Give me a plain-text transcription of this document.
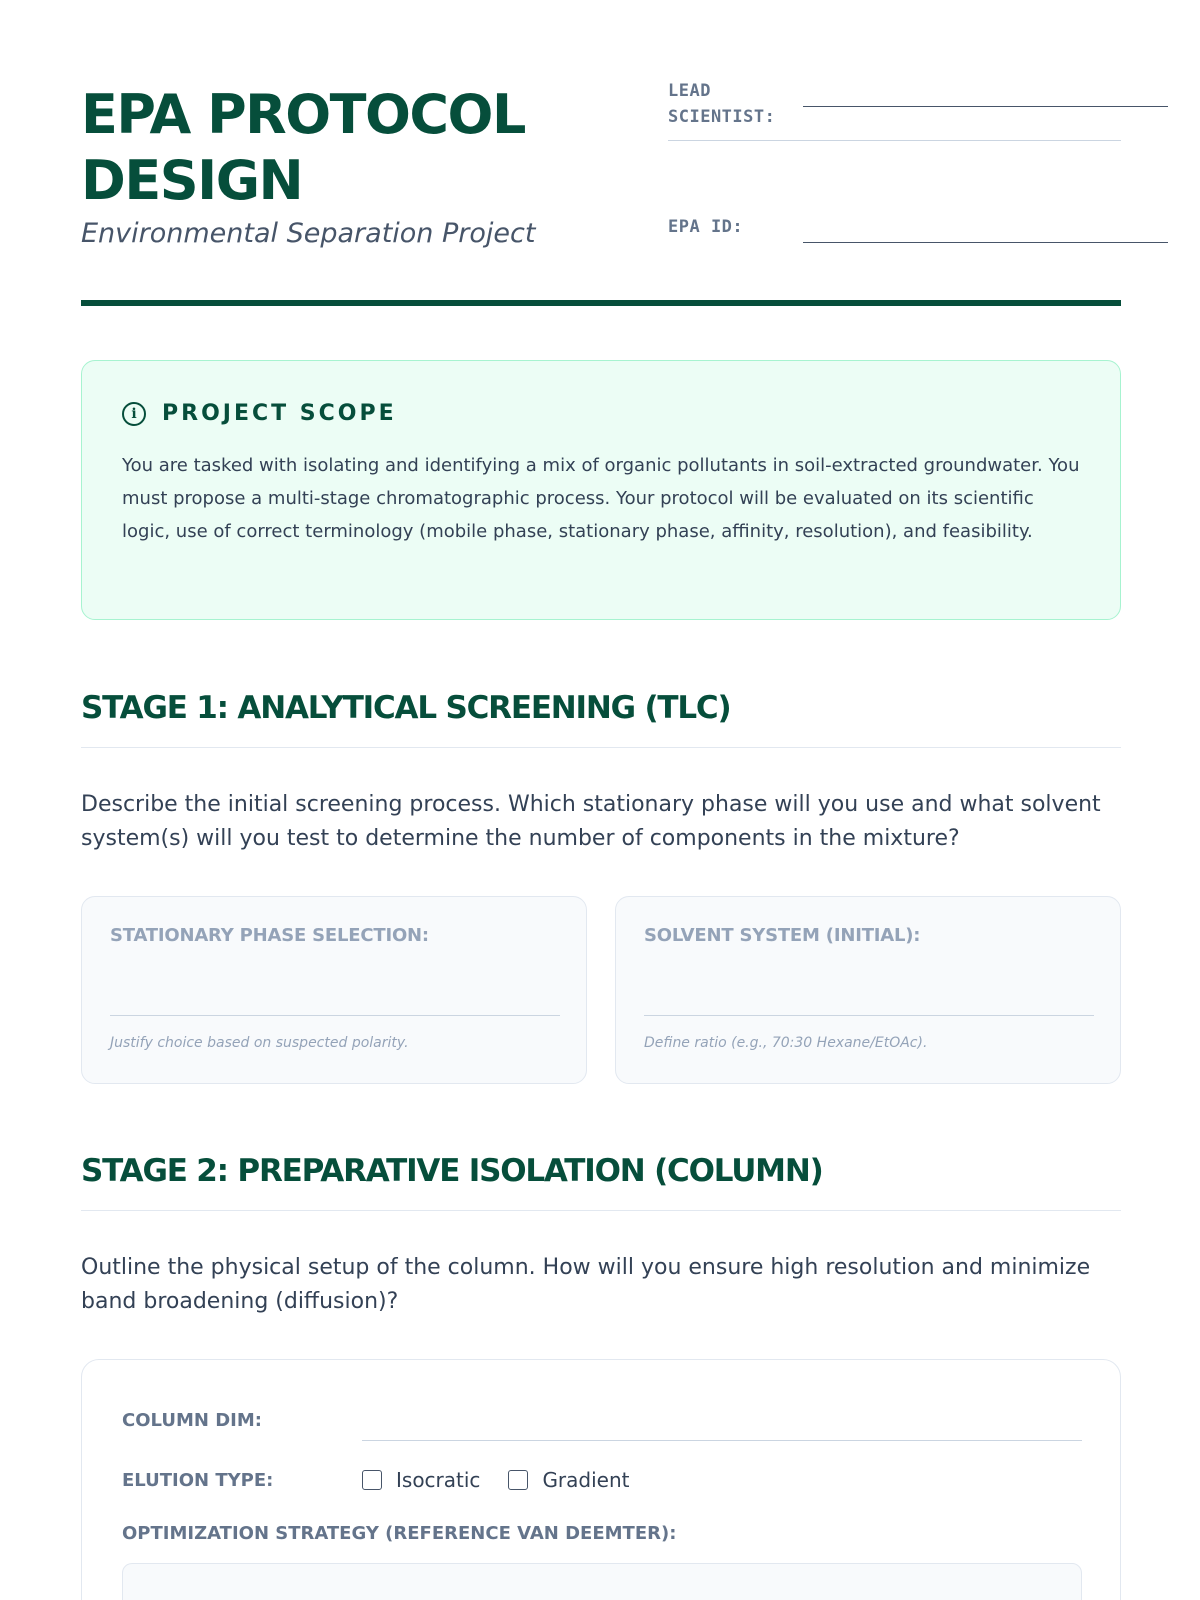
EPA PROTOCOL DESIGN
Environmental Separation Project
LEAD SCIENTIST:
EPA ID:
i	PROJECT SCOPE

You are tasked with isolating and identifying a mix of organic pollutants in soil-extracted groundwater. You must propose a multi-stage chromatographic process. Your protocol will be evaluated on its scientific logic, use of correct terminology (mobile phase, stationary phase, affinity, resolution), and feasibility.

STAGE 1: ANALYTICAL SCREENING (TLC)

Describe the initial screening process. Which stationary phase will you use and what solvent system(s) will you test to determine the number of components in the mixture?

STATIONARY PHASE SELECTION:
Justify choice based on suspected polarity.
SOLVENT SYSTEM (INITIAL):
Define ratio (e.g., 70:30 Hexane/EtOAc).
STAGE 2: PREPARATIVE ISOLATION (COLUMN)

Outline the physical setup of the column. How will you ensure high resolution and minimize band broadening (diffusion)?

COLUMN DIM:
ELUTION TYPE:	Isocratic	Gradient
OPTIMIZATION STRATEGY (REFERENCE VAN DEEMTER):
